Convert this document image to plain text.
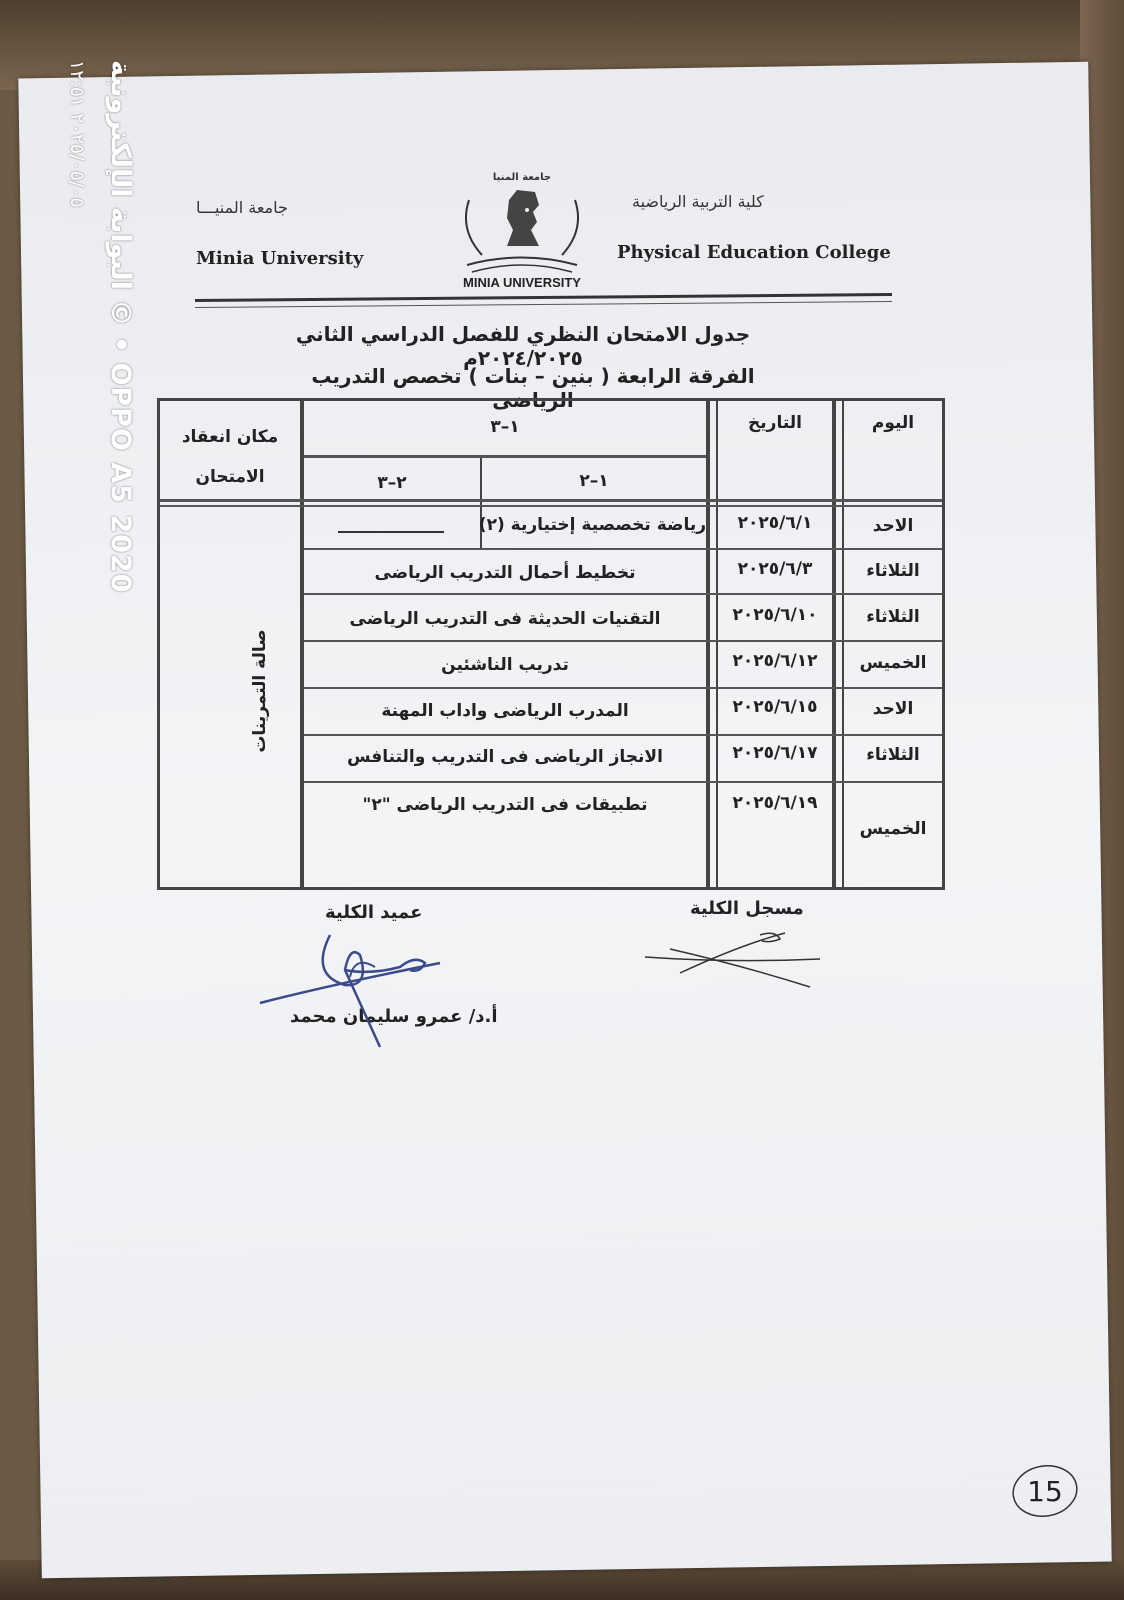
البوابة الإلكترونية © • OPPO A5 2020
٢٠٢٥/٠٥/٠٥ ١٢:٥١	جامعة المنيـــا
Minia University
كلية التربية الرياضية
Physical Education College
جامعة المنيا
MINIA UNIVERSITY
جدول الامتحان النظري للفصل الدراسي الثاني ٢٠٢٤/٢٠٢٥م
الفرقة الرابعة ( بنين – بنات ) تخصص التدريب الرياضى
اليوم
التاريخ
١–٣
١–٢
٢–٣
مكان انعقاد الامتحان
صالة التمرينات
الاحد
٢٠٢٥/٦/١
رياضة تخصصية إختيارية (٢)
الثلاثاء
٢٠٢٥/٦/٣
تخطيط أحمال التدريب الرياضى
الثلاثاء
٢٠٢٥/٦/١٠
التقنيات الحديثة فى التدريب الرياضى
الخميس
٢٠٢٥/٦/١٢
تدريب الناشئين
الاحد
٢٠٢٥/٦/١٥
المدرب الرياضى واداب المهنة
الثلاثاء
٢٠٢٥/٦/١٧
الانجاز الرياضى فى التدريب والتنافس
الخميس
٢٠٢٥/٦/١٩
تطبيقات فى التدريب الرياضى "٢"
عميد الكلية	مسجل الكلية
أ.د/ عمرو سليمان محمد
15
